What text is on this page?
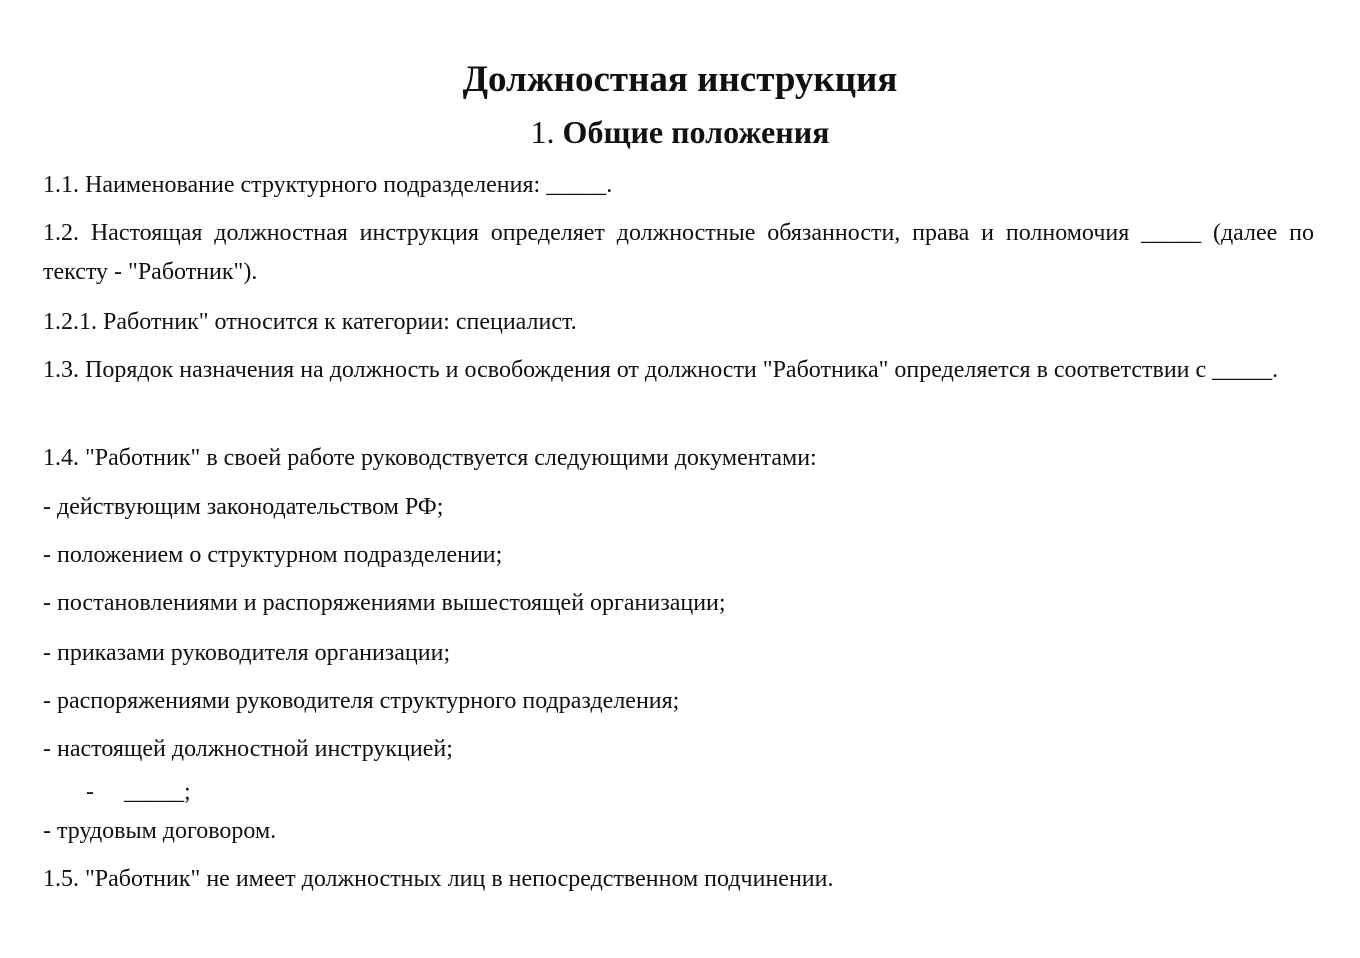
Должностная инструкция
1. Общие положения
1.1. Наименование структурного подразделения: _____.
1.2. Настоящая должностная инструкция определяет должностные обязанности, права и полномочия _____ (далее по тексту - "Работник").
1.2.1. Работник" относится к категории: специалист.
1.3. Порядок назначения на должность и освобождения от должности "Работника" определяется в соответствии с _____.
1.4. "Работник" в своей работе руководствуется следующими документами:
- действующим законодательством РФ;
- положением о структурном подразделении;
- постановлениями и распоряжениями вышестоящей организации;
- приказами руководителя организации;
- распоряжениями руководителя структурного подразделения;
- настоящей должностной инструкцией;
-     _____;
- трудовым договором.
1.5. "Работник" не имеет должностных лиц в непосредственном подчинении.
